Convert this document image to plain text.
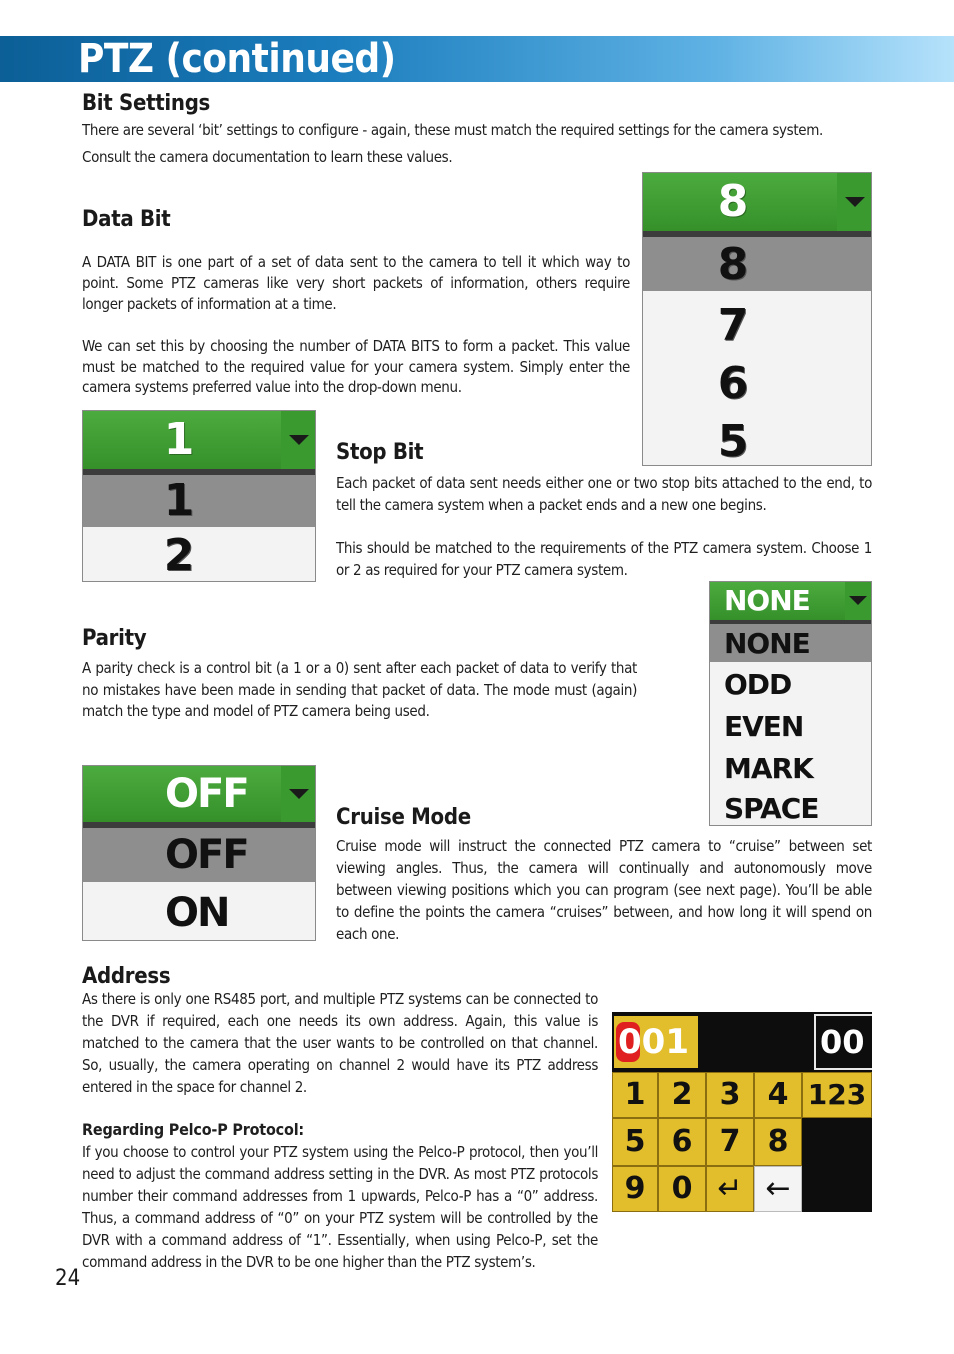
PTZ (continued)
Bit Settings

There are several ‘bit’ settings to configure - again, these must match the required settings for the camera system. Consult the camera documentation to learn these values.

Data Bit

A DATA BIT is one part of a set of data sent to the camera to tell it which way to point. Some PTZ cameras like very short packets of information, others require longer packets of information at a time.

We can set this by choosing the number of DATA BITS to form a packet. This value must be matched to the required value for your camera system. Simply enter the camera systems preferred value into the drop-down menu.

8
8
7
6
5
1
1
2
Stop Bit

Each packet of data sent needs either one or two stop bits attached to the end, to tell the camera system when a packet ends and a new one begins.

This should be matched to the requirements of the PTZ camera system. Choose 1 or 2 as required for your PTZ camera system.

NONE
NONE
ODD
EVEN
MARK
SPACE
Parity

A parity check is a control bit (a 1 or a 0) sent after each packet of data to verify that no mistakes have been made in sending that packet of data. The mode must (again) match the type and model of PTZ camera being used.

OFF
OFF
ON
Cruise Mode

Cruise mode will instruct the connected PTZ camera to “cruise” between set viewing angles. Thus, the camera will continually and autonomously move between viewing positions which you can program (see next page). You’ll be able to define the points the camera “cruises” between, and how long it will spend on each one.

Address

As there is only one RS485 port, and multiple PTZ systems can be connected to the DVR if required, each one needs its own address. Again, this value is matched to the camera that the user wants to be controlled on that channel. So, usually, the camera operating on channel 2 would have its PTZ address entered in the space for channel 2.

Regarding Pelco-P Protocol:

If you choose to control your PTZ system using the Pelco-P protocol, then you’ll need to adjust the command address setting in the DVR. As most PTZ protocols number their command addresses from 1 upwards, Pelco-P has a “0” address. Thus, a command address of “0” on your PTZ system will be controlled by the DVR with a command address of “1”. Essentially, when using Pelco-P, set the command address in the DVR to be one higher than the PTZ system’s.

001	00
1 2 3 4 123
5 6 7 8
9 0 ↵ ←
24
